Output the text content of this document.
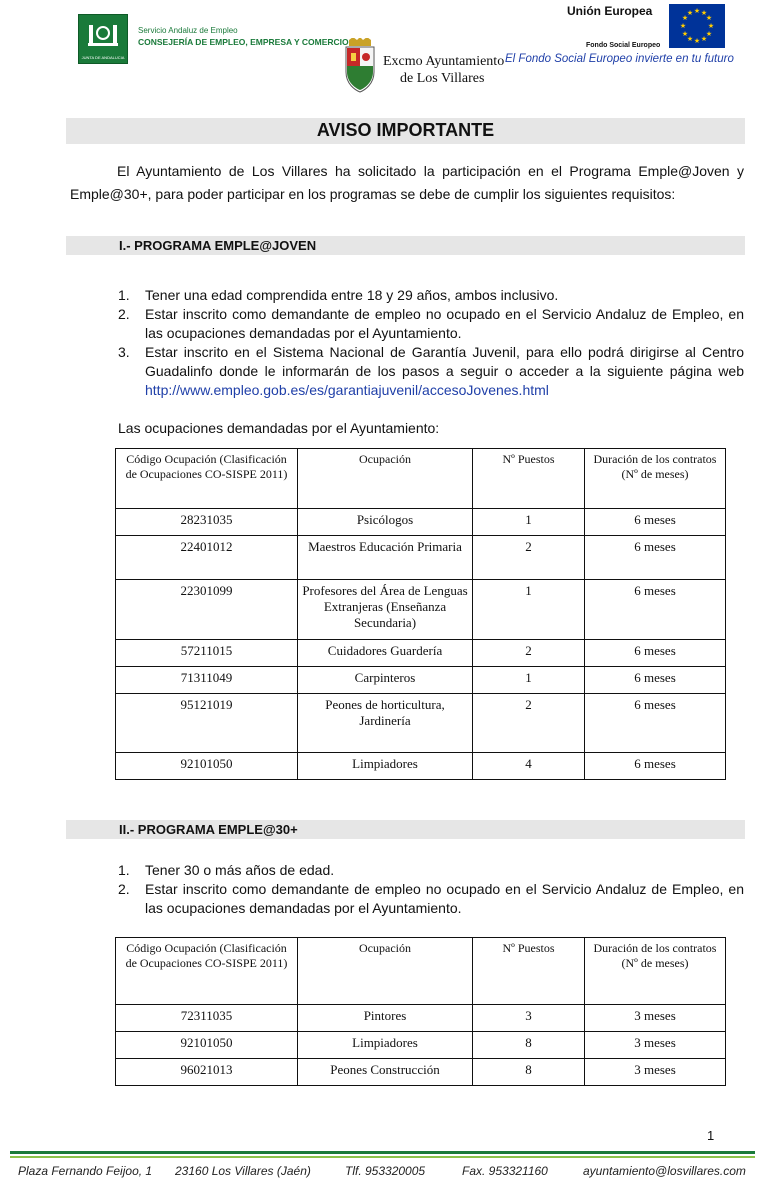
JUNTA DE ANDALUCIA
Servicio Andaluz de Empleo
CONSEJERÍA DE EMPLEO, EMPRESA Y COMERCIO
Excmo Ayuntamiento
de Los Villares
Unión Europea
Fondo Social Europeo
★ ★
★
★
★
★
★
★
★
★
★
★
El Fondo Social Europeo invierte en tu futuro
AVISO IMPORTANTE
El Ayuntamiento de Los Villares ha solicitado la participación en el Programa Emple@Joven y Emple@30+, para poder participar en los programas se debe de cumplir los siguientes requisitos:
I.- PROGRAMA EMPLE@JOVEN
1. Tener una edad comprendida entre 18 y 29 años, ambos inclusivo.
2. Estar inscrito como demandante de empleo no ocupado en el Servicio Andaluz de Empleo, en las ocupaciones demandadas por el Ayuntamiento.
3. Estar inscrito en el Sistema Nacional de Garantía Juvenil, para ello podrá dirigirse al Centro Guadalinfo donde le informarán de los pasos a seguir o acceder a la siguiente página web http://www.empleo.gob.es/es/garantiajuvenil/accesoJovenes.html
Las ocupaciones demandadas por el Ayuntamiento:
Código Ocupación (Clasificación de Ocupaciones CO-SISPE 2011)	Ocupación	Nº Puestos	Duración de los contratos (Nº de meses)
28231035	Psicólogos	1	6 meses
22401012	Maestros Educación Primaria	2	6 meses
22301099	Profesores del Área de Lenguas Extranjeras (Enseñanza Secundaria)	1	6 meses
57211015	Cuidadores Guardería	2	6 meses
71311049	Carpinteros	1	6 meses
95121019	Peones de horticultura, Jardinería	2	6 meses
92101050	Limpiadores	4	6 meses
II.- PROGRAMA EMPLE@30+
1. Tener 30 o más años de edad.
2. Estar inscrito como demandante de empleo no ocupado en el Servicio Andaluz de Empleo, en las ocupaciones demandadas por el Ayuntamiento.
Código Ocupación (Clasificación de Ocupaciones CO-SISPE 2011)	Ocupación	Nº Puestos	Duración de los contratos (Nº de meses)
72311035	Pintores	3	3 meses
92101050	Limpiadores	8	3 meses
96021013	Peones Construcción	8	3 meses
1
Plaza Fernando Feijoo, 1 23160 Los Villares (Jaén)	Tlf. 953320005	Fax. 953321160	ayuntamiento@losvillares.com
